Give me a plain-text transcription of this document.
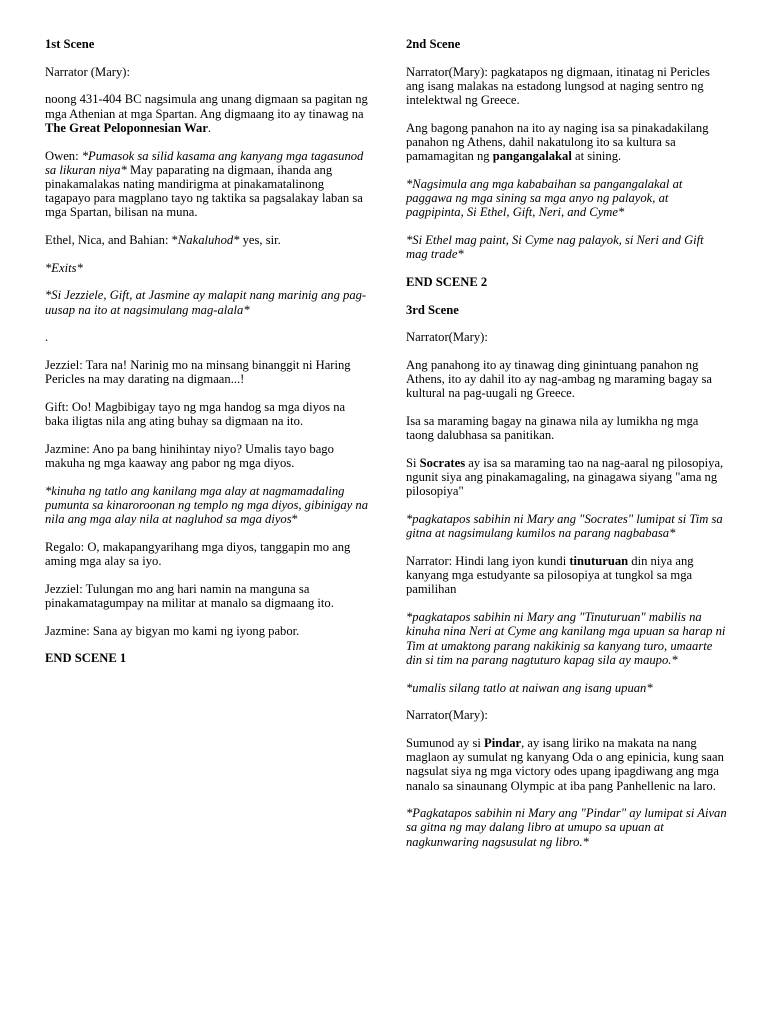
1st Scene

Narrator (Mary):

noong 431-404 BC nagsimula ang unang digmaan sa pagitan ng mga Athenian at mga Spartan. Ang digmaang ito ay tinawag na The Great Peloponnesian War.

Owen: *Pumasok sa silid kasama ang kanyang mga tagasunod sa likuran niya* May paparating na digmaan, ihanda ang pinakamalakas nating mandirigma at pinakamatalinong tagapayo para magplano tayo ng taktika sa pagsalakay laban sa mga Spartan, bilisan na muna.

Ethel, Nica, and Bahian: *Nakaluhod* yes, sir.

*Exits*

*Si Jezziele, Gift, at Jasmine ay malapit nang marinig ang pag-uusap na ito at nagsimulang mag-alala*

.

Jezziel: Tara na! Narinig mo na minsang binanggit ni Haring Pericles na may darating na digmaan...!

Gift: Oo! Magbibigay tayo ng mga handog sa mga diyos na baka iligtas nila ang ating buhay sa digmaan na ito.

Jazmine: Ano pa bang hinihintay niyo? Umalis tayo bago makuha ng mga kaaway ang pabor ng mga diyos.

*kinuha ng tatlo ang kanilang mga alay at nagmamadaling pumunta sa kinaroroonan ng templo ng mga diyos, gibinigay na nila ang mga alay nila at nagluhod sa mga diyos*

Regalo: O, makapangyarihang mga diyos, tanggapin mo ang aming mga alay sa iyo.

Jezziel: Tulungan mo ang hari namin na manguna sa pinakamatagumpay na militar at manalo sa digmaang ito.

Jazmine: Sana ay bigyan mo kami ng iyong pabor.

END SCENE 1

2nd Scene

Narrator(Mary): pagkatapos ng digmaan, itinatag ni Pericles ang isang malakas na estadong lungsod at naging sentro ng intelektwal ng Greece.

Ang bagong panahon na ito ay naging isa sa pinakadakilang panahon ng Athens, dahil nakatulong ito sa kultura sa pamamagitan ng pangangalakal at sining.

*Nagsimula ang mga kababaihan sa pangangalakal at paggawa ng mga sining sa mga anyo ng palayok, at pagpipinta, Si Ethel, Gift, Neri, and Cyme*

*Si Ethel mag paint, Si Cyme nag palayok, si Neri and Gift mag trade*

END SCENE 2

3rd Scene

Narrator(Mary):

Ang panahong ito ay tinawag ding ginintuang panahon ng Athens, ito ay dahil ito ay nag-ambag ng maraming bagay sa kultural na pag-uugali ng Greece.

Isa sa maraming bagay na ginawa nila ay lumikha ng mga taong dalubhasa sa panitikan.

Si Socrates ay isa sa maraming tao na nag-aaral ng pilosopiya, ngunit siya ang pinakamagaling, na ginagawa siyang "ama ng pilosopiya"

*pagkatapos sabihin ni Mary ang "Socrates" lumipat si Tim sa gitna at nagsimulang kumilos na parang nagbabasa*

Narrator: Hindi lang iyon kundi tinuturuan din niya ang kanyang mga estudyante sa pilosopiya at tungkol sa mga pamilihan

*pagkatapos sabihin ni Mary ang "Tinuturuan" mabilis na kinuha nina Neri at Cyme ang kanilang mga upuan sa harap ni Tim at umaktong parang nakikinig sa kanyang turo, umaarte din si tim na parang nagtuturo kapag sila ay maupo.*

*umalis silang tatlo at naiwan ang isang upuan*

Narrator(Mary):

Sumunod ay si Pindar, ay isang liriko na makata na nang maglaon ay sumulat ng kanyang Oda o ang epinicia, kung saan nagsulat siya ng mga victory odes upang ipagdiwang ang mga nanalo sa sinaunang Olympic at iba pang Panhellenic na laro.

*Pagkatapos sabihin ni Mary ang "Pindar" ay lumipat si Aivan sa gitna ng may dalang libro at umupo sa upuan at nagkunwaring nagsusulat ng libro.*
